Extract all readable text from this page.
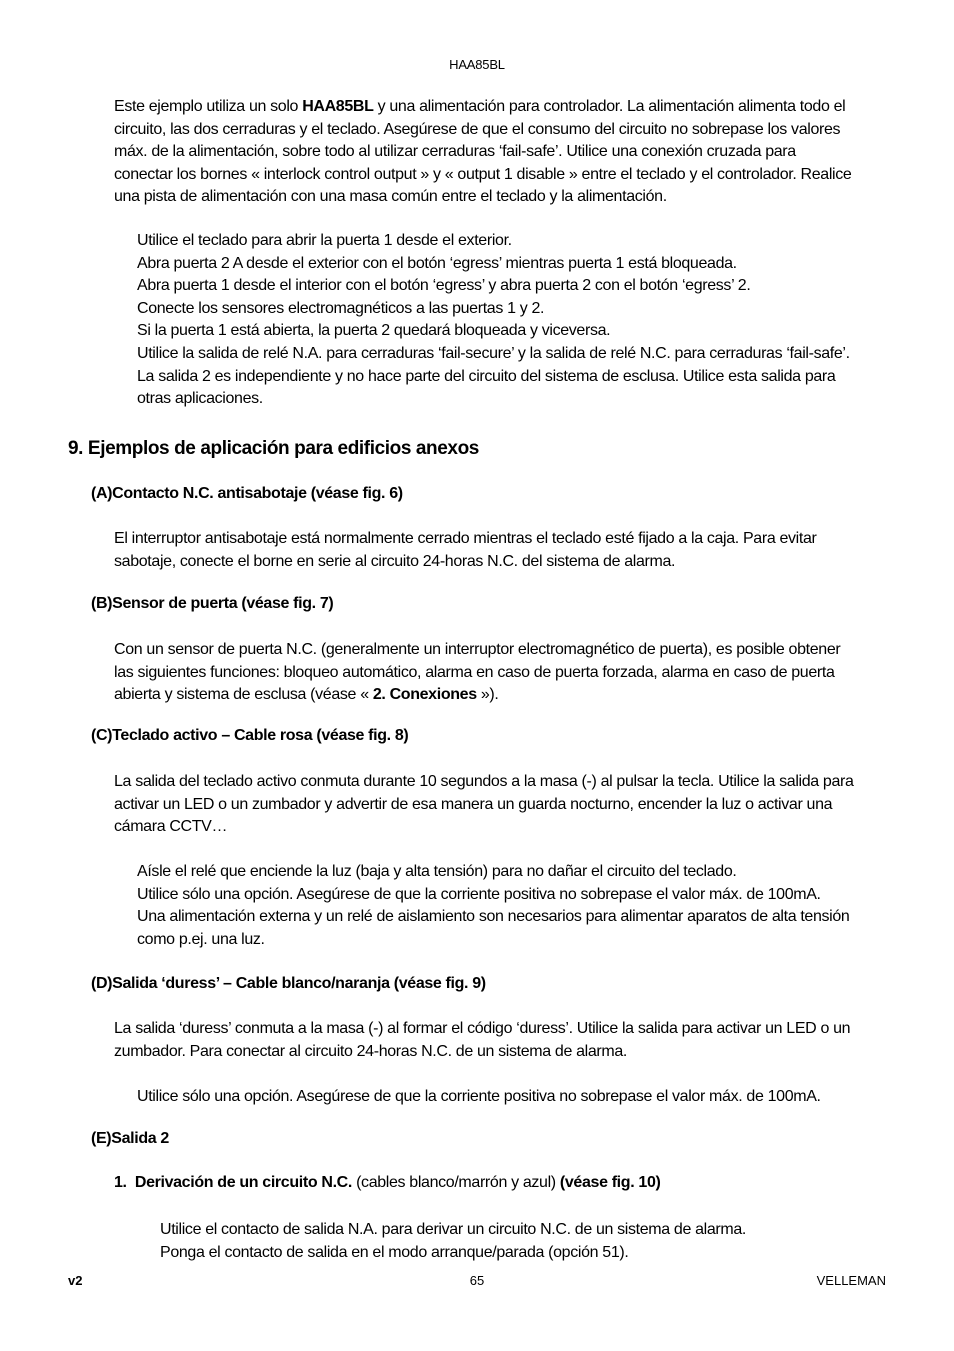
HAA85BL
Este ejemplo utiliza un solo HAA85BL y una alimentación para controlador. La alimentación alimenta todo el
circuito, las dos cerraduras y el teclado. Asegúrese de que el consumo del circuito no sobrepase los valores
máx. de la alimentación, sobre todo al utilizar cerraduras ‘fail-safe’. Utilice una conexión cruzada para
conectar los bornes « interlock control output » y « output 1 disable » entre el teclado y el controlador. Realice
una pista de alimentación con una masa común entre el teclado y la alimentación.
Utilice el teclado para abrir la puerta 1 desde el exterior.
Abra puerta 2 A desde el exterior con el botón ‘egress’ mientras puerta 1 está bloqueada.
Abra puerta 1 desde el interior con el botón ‘egress’ y abra puerta 2 con el botón ‘egress’ 2.
Conecte los sensores electromagnéticos a las puertas 1 y 2.
Si la puerta 1 está abierta, la puerta 2 quedará bloqueada y viceversa.
Utilice la salida de relé N.A. para cerraduras ‘fail-secure’ y la salida de relé N.C. para cerraduras ‘fail-safe’.
La salida 2 es independiente y no hace parte del circuito del sistema de esclusa. Utilice esta salida para
otras aplicaciones.
9. Ejemplos de aplicación para edificios anexos
(A)Contacto N.C. antisabotaje (véase fig. 6)
El interruptor antisabotaje está normalmente cerrado mientras el teclado esté fijado a la caja. Para evitar
sabotaje, conecte el borne en serie al circuito 24-horas N.C. del sistema de alarma.
(B)Sensor de puerta (véase fig. 7)
Con un sensor de puerta N.C. (generalmente un interruptor electromagnético de puerta), es posible obtener
las siguientes funciones: bloqueo automático, alarma en caso de puerta forzada, alarma en caso de puerta
abierta y sistema de esclusa (véase « 2. Conexiones »).
(C)Teclado activo – Cable rosa (véase fig. 8)
La salida del teclado activo conmuta durante 10 segundos a la masa (-) al pulsar la tecla. Utilice la salida para
activar un LED o un zumbador y advertir de esa manera un guarda nocturno, encender la luz o activar una
cámara CCTV…
Aísle el relé que enciende la luz (baja y alta tensión) para no dañar el circuito del teclado.
Utilice sólo una opción. Asegúrese de que la corriente positiva no sobrepase el valor máx. de 100mA.
Una alimentación externa y un relé de aislamiento son necesarios para alimentar aparatos de alta tensión
como p.ej. una luz.
(D)Salida ‘duress’ – Cable blanco/naranja (véase fig. 9)
La salida ‘duress’ conmuta a la masa (-) al formar el código ‘duress’. Utilice la salida para activar un LED o un
zumbador. Para conectar al circuito 24-horas N.C. de un sistema de alarma.
Utilice sólo una opción. Asegúrese de que la corriente positiva no sobrepase el valor máx. de 100mA.
(E)Salida 2
1. Derivación de un circuito N.C. (cables blanco/marrón y azul) (véase fig. 10)
Utilice el contacto de salida N.A. para derivar un circuito N.C. de un sistema de alarma.
Ponga el contacto de salida en el modo arranque/parada (opción 51).
v2	65	VELLEMAN
